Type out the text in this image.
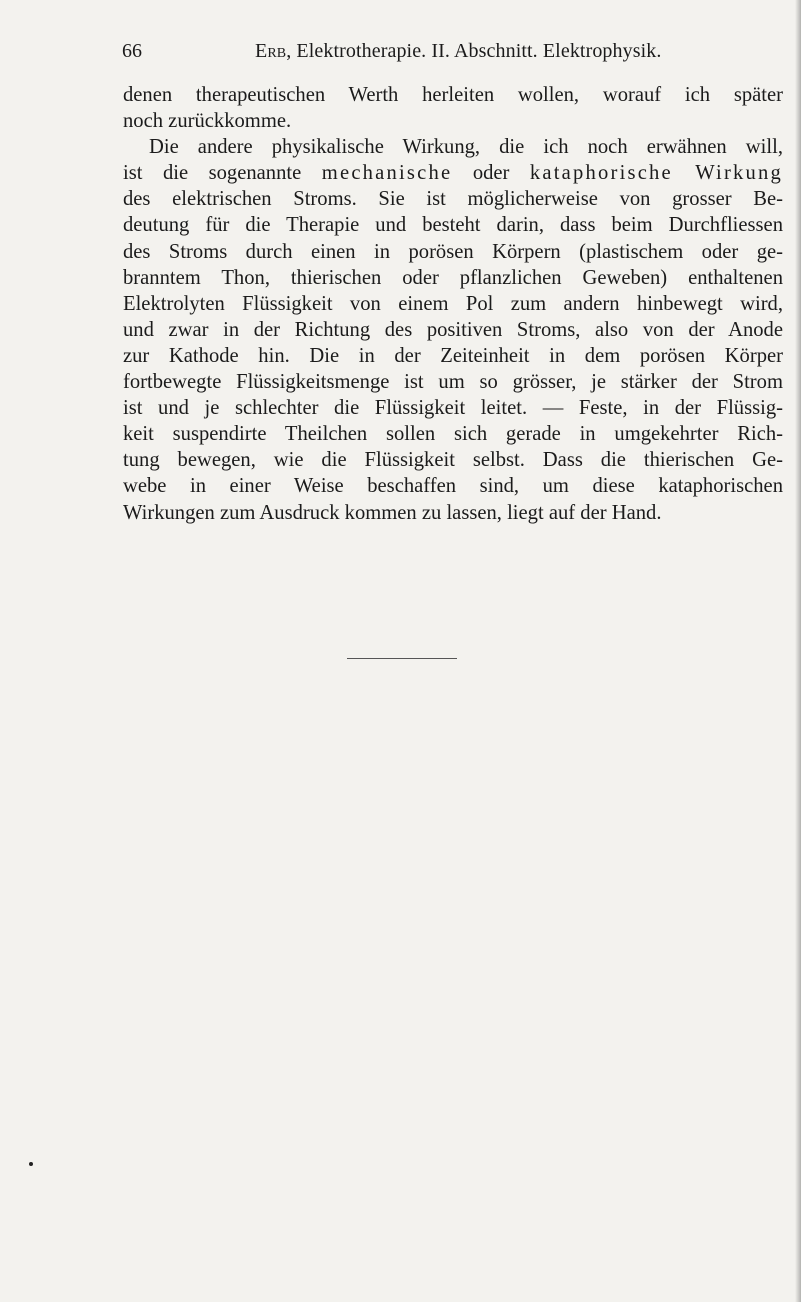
66	Erb, Elektrotherapie. II. Abschnitt. Elektrophysik.
denen therapeutischen Werth herleiten wollen, worauf ich später
noch zurückkomme.
Die andere physikalische Wirkung, die ich noch erwähnen will,
ist die sogenannte mechanische oder kataphorische Wirkung
des elektrischen Stroms. Sie ist möglicherweise von grosser Be-
deutung für die Therapie und besteht darin, dass beim Durchfliessen
des Stroms durch einen in porösen Körpern (plastischem oder ge-
branntem Thon, thierischen oder pflanzlichen Geweben) enthaltenen
Elektrolyten Flüssigkeit von einem Pol zum andern hinbewegt wird,
und zwar in der Richtung des positiven Stroms, also von der Anode
zur Kathode hin. Die in der Zeiteinheit in dem porösen Körper
fortbewegte Flüssigkeitsmenge ist um so grösser, je stärker der Strom
ist und je schlechter die Flüssigkeit leitet. — Feste, in der Flüssig-
keit suspendirte Theilchen sollen sich gerade in umgekehrter Rich-
tung bewegen, wie die Flüssigkeit selbst. Dass die thierischen Ge-
webe in einer Weise beschaffen sind, um diese kataphorischen
Wirkungen zum Ausdruck kommen zu lassen, liegt auf der Hand.
